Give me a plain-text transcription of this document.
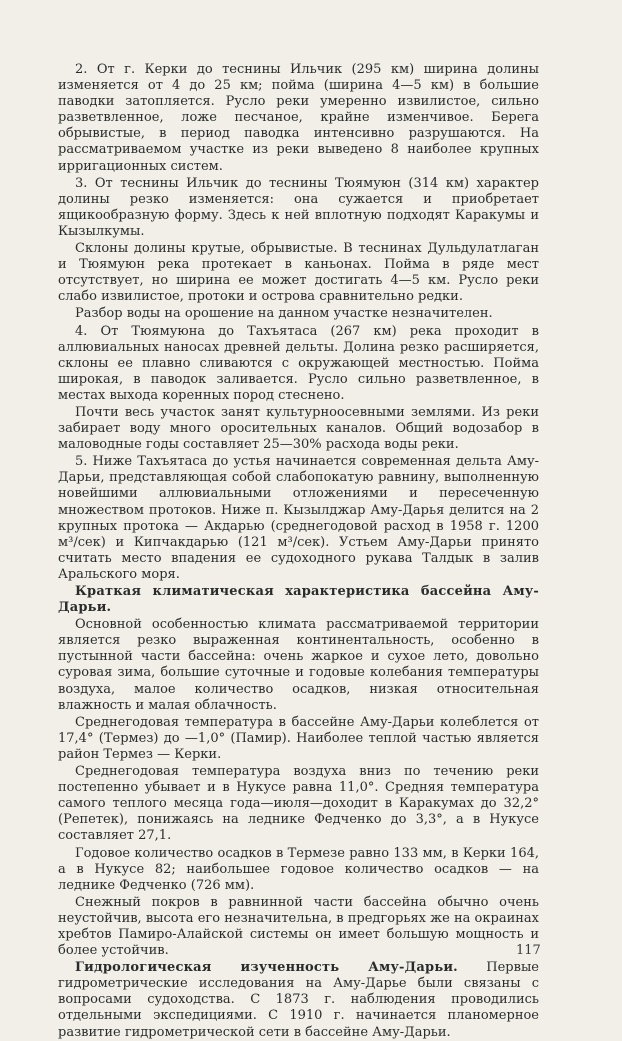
2. От г. Керки до теснины Ильчик (295 км) ширина долины изменяется от 4 до 25 км; пойма (ширина 4—5 км) в большие паводки затопляется. Русло реки умеренно извилистое, сильно разветвленное, ложе песчаное, крайне изменчивое. Берега обрывистые, в период паводка интенсивно разрушаются. На рассматриваемом участке из реки выведено 8 наиболее крупных ирригационных систем.

3. От теснины Ильчик до теснины Тюямуюн (314 км) характер долины резко изменяется: она сужается и приобретает ящикообразную форму. Здесь к ней вплотную подходят Каракумы и Кызылкумы.

Склоны долины крутые, обрывистые. В теснинах Дульдулатлаган и Тюямуюн река протекает в каньонах. Пойма в ряде мест отсутствует, но ширина ее может достигать 4—5 км. Русло реки слабо извилистое, протоки и острова сравнительно редки.

Разбор воды на орошение на данном участке незначителен.

4. От Тюямуюна до Тахъятаса (267 км) река проходит в аллювиальных наносах древней дельты. Долина резко расширяется, склоны ее плавно сливаются с окружающей местностью. Пойма широкая, в паводок заливается. Русло сильно разветвленное, в местах выхода коренных пород стеснено.

Почти весь участок занят культурноосевными землями. Из реки забирает воду много оросительных каналов. Общий водозабор в маловодные годы составляет 25—30% расхода воды реки.

5. Ниже Тахъятаса до устья начинается современная дельта Аму-Дарьи, представляющая собой слабопокатую равнину, выполненную новейшими аллювиальными отложениями и пересеченную множеством протоков. Ниже п. Кызылджар Аму-Дарья делится на 2 крупных протока — Акдарью (среднегодовой расход в 1958 г. 1200 м³/сек) и Кипчакдарью (121 м³/сек). Устьем Аму-Дарьи принято считать место впадения ее судоходного рукава Талдык в залив Аральского моря.

Краткая климатическая характеристика бассейна Аму-Дарьи.

Основной особенностью климата рассматриваемой территории является резко выраженная континентальность, особенно в пустынной части бассейна: очень жаркое и сухое лето, довольно суровая зима, большие суточные и годовые колебания температуры воздуха, малое количество осадков, низкая относительная влажность и малая облачность.

Среднегодовая температура в бассейне Аму-Дарьи колеблется от 17,4° (Термез) до —1,0° (Памир). Наиболее теплой частью является район Термез — Керки.

Среднегодовая температура воздуха вниз по течению реки постепенно убывает и в Нукусе равна 11,0°. Средняя температура самого теплого месяца года—июля—доходит в Каракумах до 32,2° (Репетек), понижаясь на леднике Федченко до 3,3°, а в Нукусе составляет 27,1.

Годовое количество осадков в Термезе равно 133 мм, в Керки 164, а в Нукусе 82; наибольшее годовое количество осадков — на леднике Федченко (726 мм).

Снежный покров в равнинной части бассейна обычно очень неустойчив, высота его незначительна, в предгорьях же на окраинах хребтов Памиро-Алайской системы он имеет большую мощность и более устойчив.

Гидрологическая изученность Аму-Дарьи. Первые гидрометрические исследования на Аму-Дарье были связаны с вопросами судоходства. С 1873 г. наблюдения проводились отдельными экспедициями. С 1910 г. начинается планомерное развитие гидрометрической сети в бассейне Аму-Дарьи.

117
